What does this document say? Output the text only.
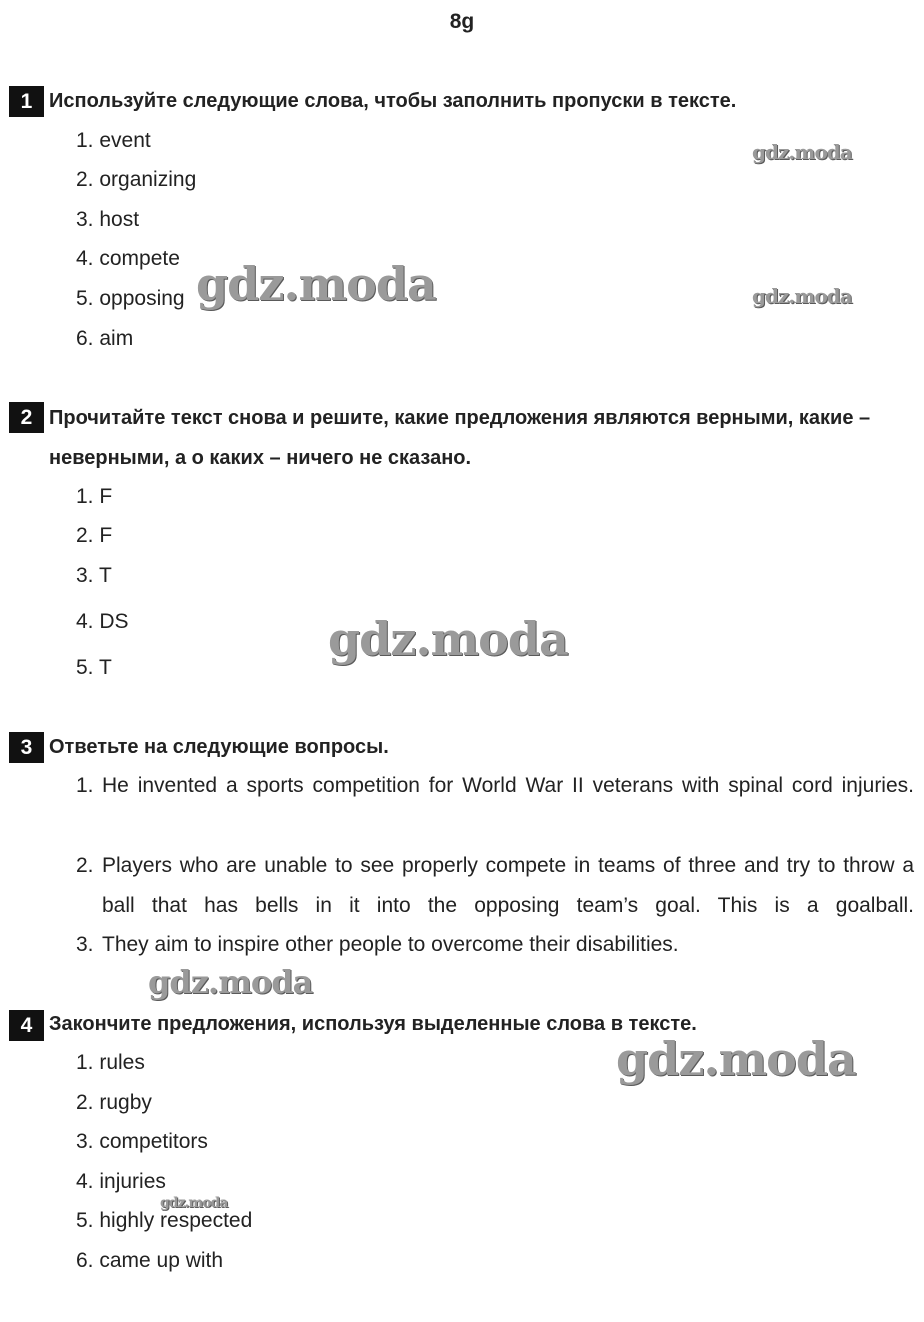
8g
1 Используйте следующие слова, чтобы заполнить пропуски в тексте.
1. event
2. organizing
3. host
4. compete
5. opposing
6. aim
2 Прочитайте текст снова и решите, какие предложения являются верными, какие – неверными, а о каких – ничего не сказано.
1. F
2. F
3. T
4. DS
5. T
3 Ответьте на следующие вопросы.
1. He invented a sports competition for World War II veterans with spinal cord injuries.
2. Players who are unable to see properly compete in teams of three and try to throw a ball that has bells in it into the opposing team’s goal. This is a goalball.
3. They aim to inspire other people to overcome their disabilities.
4 Закончите предложения, используя выделенные слова в тексте.
1. rules
2. rugby
3. competitors
4. injuries
5. highly respected
6. came up with
gdz.moda
gdz.moda	gdz.moda
gdz.moda
gdz.moda
gdz.moda
gdz.moda
